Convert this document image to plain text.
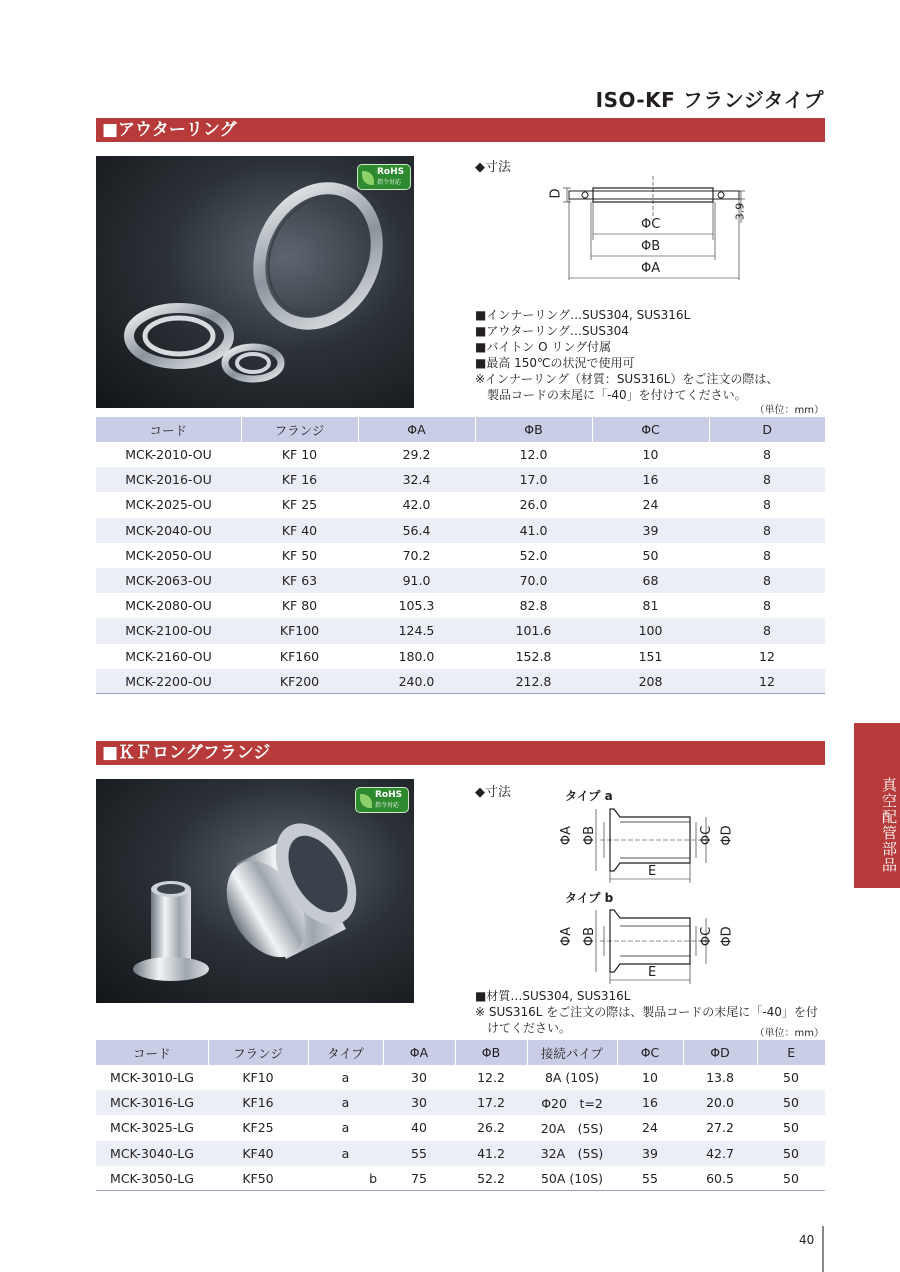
ISO-KF フランジタイプ
■アウターリング
RoHS
指令対応
◆寸法
D
3.9
ΦC
ΦB
ΦA
■インナーリング…SUS304, SUS316L
■アウターリング…SUS304
■バイトン O リング付属
■最高 150℃の状況で使用可
※インナーリング（材質：SUS316L）をご注文の際は、
　製品コードの末尾に「-40」を付けてください。
（単位：mm）
コード	フランジ	ΦA	ΦB	ΦC	D
MCK-2010-OU	KF 10	29.2	12.0	10	8
MCK-2016-OU	KF 16	32.4	17.0	16	8
MCK-2025-OU	KF 25	42.0	26.0	24	8
MCK-2040-OU	KF 40	56.4	41.0	39	8
MCK-2050-OU	KF 50	70.2	52.0	50	8
MCK-2063-OU	KF 63	91.0	70.0	68	8
MCK-2080-OU	KF 80	105.3	82.8	81	8
MCK-2100-OU	KF100	124.5	101.6	100	8
MCK-2160-OU	KF160	180.0	152.8	151	12
MCK-2200-OU	KF200	240.0	212.8	208	12
■ＫＦロングフランジ
RoHS
指令対応
◆寸法	タイプ a
タイプ b
ΦA ΦB	ΦC ΦD
E
ΦA ΦB	ΦC ΦD
E
■材質…SUS304, SUS316L
※ SUS316L をご注文の際は、製品コードの末尾に「-40」を付
　けてください。	（単位：mm）
コード	フランジ	タイプ	ΦA	ΦB	接続パイプ	ΦC	ΦD	E
MCK-3010-LG	KF10	a	30	12.2	8A (10S)	10	13.8	50
MCK-3016-LG	KF16	a	30	17.2	Φ20　t=2	16	20.0	50
MCK-3025-LG	KF25	a	40	26.2	20A　(5S)	24	27.2	50
MCK-3040-LG	KF40	a	55	41.2	32A　(5S)	39	42.7	50
MCK-3050-LG	KF50	b	75	52.2	50A (10S)	55	60.5	50
真空配管部品
40
